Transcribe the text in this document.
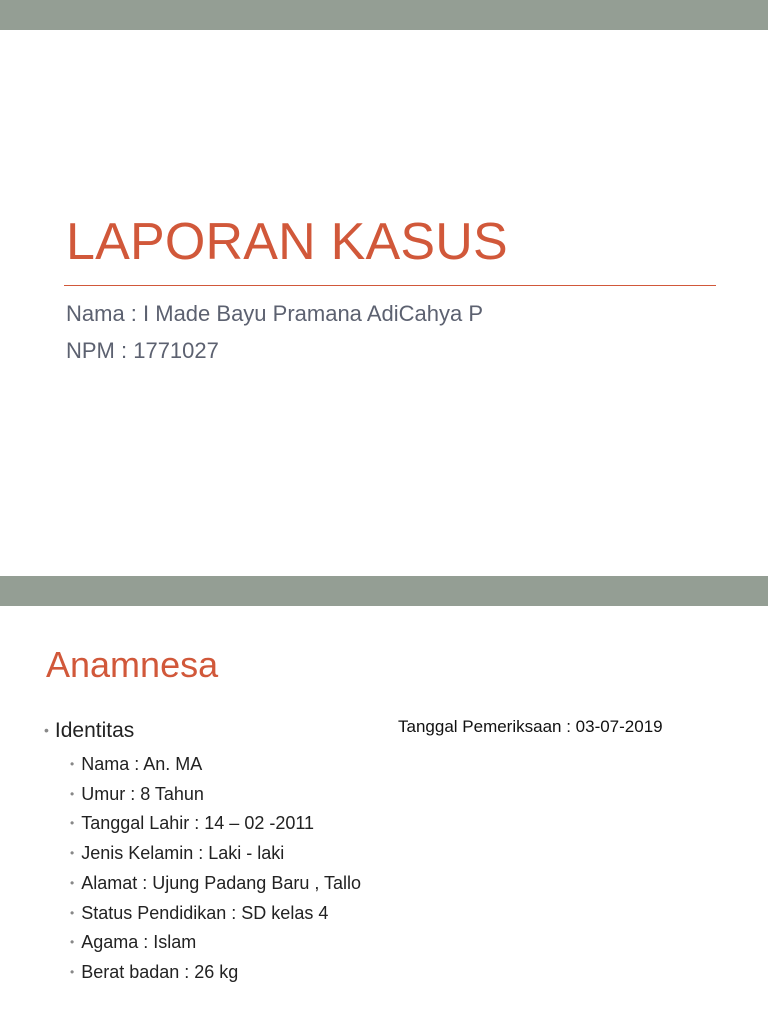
LAPORAN KASUS
Nama : I Made Bayu Pramana AdiCahya P
NPM : 1771027
Anamnesa
Tanggal Pemeriksaan : 03-07-2019
• Identitas
• Nama : An. MA
• Umur : 8 Tahun
• Tanggal Lahir : 14 – 02 -2011
• Jenis Kelamin : Laki - laki
• Alamat : Ujung Padang Baru , Tallo
• Status Pendidikan : SD kelas 4
• Agama : Islam
• Berat badan : 26 kg
